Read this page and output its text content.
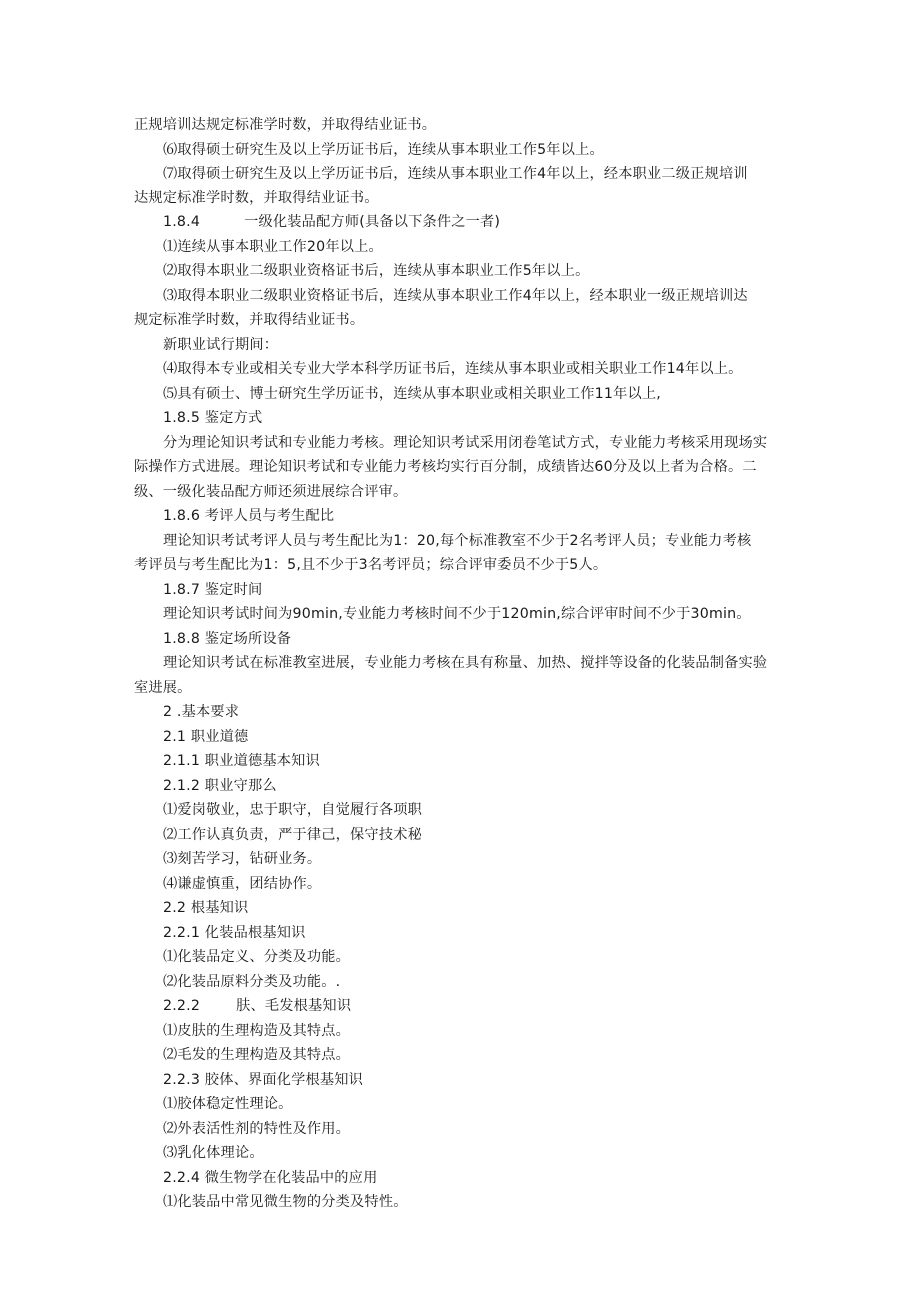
正规培训达规定标准学时数，并取得结业证书。
⑹取得硕士研究生及以上学历证书后，连续从事本职业工作5年以上。
⑺取得硕士研究生及以上学历证书后，连续从事本职业工作4年以上，经本职业二级正规培训
达规定标准学时数，并取得结业证书。
1.8.4	一级化装品配方师(具备以下条件之一者)
⑴连续从事本职业工作20年以上。
⑵取得本职业二级职业资格证书后，连续从事本职业工作5年以上。
⑶取得本职业二级职业资格证书后，连续从事本职业工作4年以上，经本职业一级正规培训达
规定标准学时数，并取得结业证书。
新职业试行期间：
⑷取得本专业或相关专业大学本科学历证书后，连续从事本职业或相关职业工作14年以上。
⑸具有硕士、博士研究生学历证书，连续从事本职业或相关职业工作11年以上,
1.8.5 鉴定方式
分为理论知识考试和专业能力考核。理论知识考试采用闭卷笔试方式，专业能力考核采用现场实
际操作方式进展。理论知识考试和专业能力考核均实行百分制，成绩皆达60分及以上者为合格。二
级、一级化装品配方师还须进展综合评审。
1.8.6 考评人员与考生配比
理论知识考试考评人员与考生配比为1：20,每个标准教室不少于2名考评人员；专业能力考核
考评员与考生配比为1：5,且不少于3名考评员；综合评审委员不少于5人。
1.8.7 鉴定时间
理论知识考试时间为90min,专业能力考核时间不少于120min,综合评审时间不少于30min。
1.8.8 鉴定场所设备
理论知识考试在标准教室进展，专业能力考核在具有称量、加热、搅拌等设备的化装品制备实验
室进展。
2 .基本要求
2.1 职业道德
2.1.1 职业道德基本知识
2.1.2 职业守那么
⑴爱岗敬业，忠于职守，自觉履行各项职
⑵工作认真负责，严于律己，保守技术秘
⑶刻苦学习，钻研业务。
⑷谦虚慎重，团结协作。
2.2 根基知识
2.2.1 化装品根基知识
⑴化装品定义、分类及功能。
⑵化装品原料分类及功能。.
2.2.2	肤、毛发根基知识
⑴皮肤的生理构造及其特点。
⑵毛发的生理构造及其特点。
2.2.3 胶体、界面化学根基知识
⑴胶体稳定性理论。
⑵外表活性剂的特性及作用。
⑶乳化体理论。
2.2.4 微生物学在化装品中的应用
⑴化装品中常见微生物的分类及特性。
